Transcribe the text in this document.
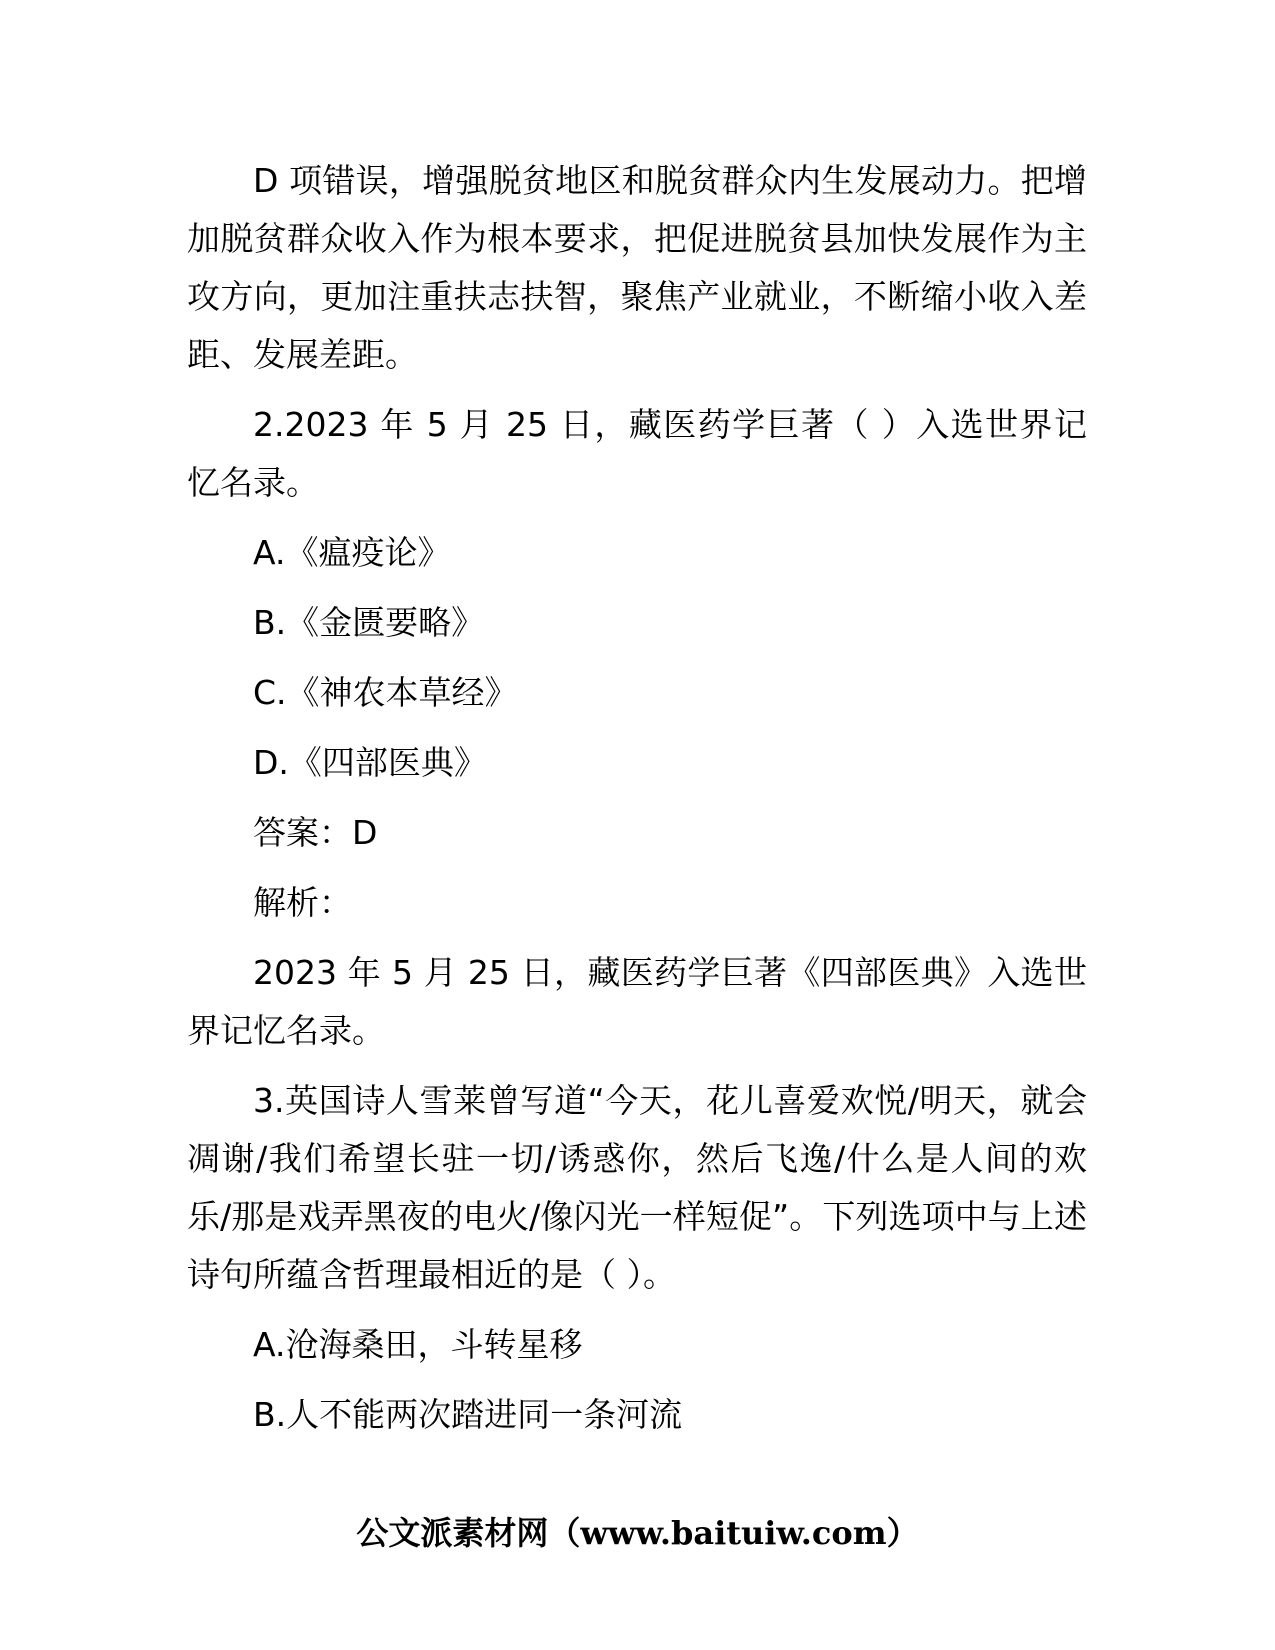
D 项错误，增强脱贫地区和脱贫群众内生发展动力。把增加脱贫群众收入作为根本要求，把促进脱贫县加快发展作为主攻方向，更加注重扶志扶智，聚焦产业就业，不断缩小收入差距、发展差距。

2.2023 年 5 月 25 日，藏医药学巨著（ ）入选世界记忆名录。

A.《瘟疫论》

B.《金匮要略》

C.《神农本草经》

D.《四部医典》

答案：D

解析：

2023 年 5 月 25 日，藏医药学巨著《四部医典》入选世界记忆名录。

3.英国诗人雪莱曾写道“今天，花儿喜爱欢悦/明天，就会凋谢/我们希望长驻一切/诱惑你，然后飞逸/什么是人间的欢乐/那是戏弄黑夜的电火/像闪光一样短促”。下列选项中与上述诗句所蕴含哲理最相近的是（ ）。

A.沧海桑田，斗转星移

B.人不能两次踏进同一条河流

公文派素材网（www.baituiw.com）
